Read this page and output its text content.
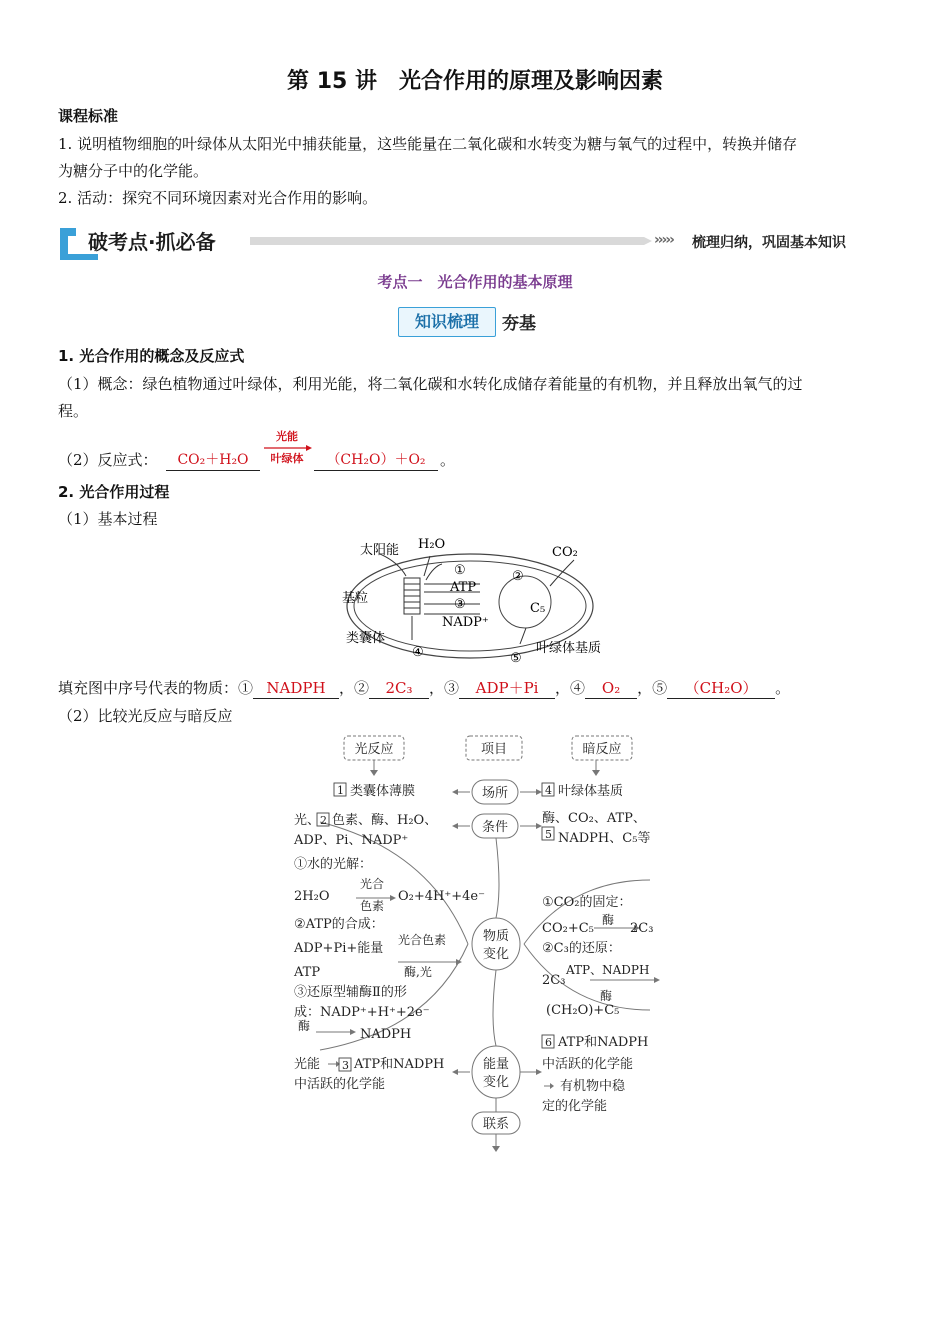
第 15 讲　光合作用的原理及影响因素
课程标准
1. 说明植物细胞的叶绿体从太阳光中捕获能量，这些能量在二氧化碳和水转变为糖与氧气的过程中，转换并储存
为糖分子中的化学能。
2. 活动：探究不同环境因素对光合作用的影响。
破考点·抓必备	››››› 梳理归纳，巩固基本知识
考点一　光合作用的基本原理
知识梳理	夯基
1. 光合作用的概念及反应式
（1）概念：绿色植物通过叶绿体，利用光能，将二氧化碳和水转化成储存着能量的有机物，并且释放出氧气的过
程。
（2）反应式：	CO₂＋H₂O
光能
叶绿体	（CH₂O）＋O₂ 。
2. 光合作用过程
（1）基本过程
太阳能 H₂O
CO₂
①
ATP
③
NADP⁺
②
C₅
基粒
类囊体
④	⑤
叶绿体基质
填充图中序号代表的物质：① NADPH ，② 2C₃ ，③ ADP＋Pi ，④ O₂ ，⑤ （CH₂O） 。
（2）比较光反应与暗反应
光反应	项目	暗反应
场所
条件
物质
变化
能量
变化
联系
1
2
3
4
5
6
类囊体薄膜	叶绿体基质
光、 色素、酶、H₂O、
ADP、Pi、NADP⁺
酶、CO₂、ATP、
NADPH、C₅等
①水的光解：
2H₂O
光合
色素
O₂+4H⁺+4e⁻
②ATP的合成：
ADP+Pi+能量
光合色素
酶,光
ATP
③还原型辅酶Ⅱ的形
成：NADP⁺+H⁺+2e⁻
酶
NADPH
①CO₂的固定：
CO₂+C₅
酶
2C₃
②C₃的还原：
2C₃
ATP、NADPH
酶
(CH₂O)+C₅
光能	ATP和NADPH
中活跃的化学能
ATP和NADPH
中活跃的化学能
有机物中稳
定的化学能
